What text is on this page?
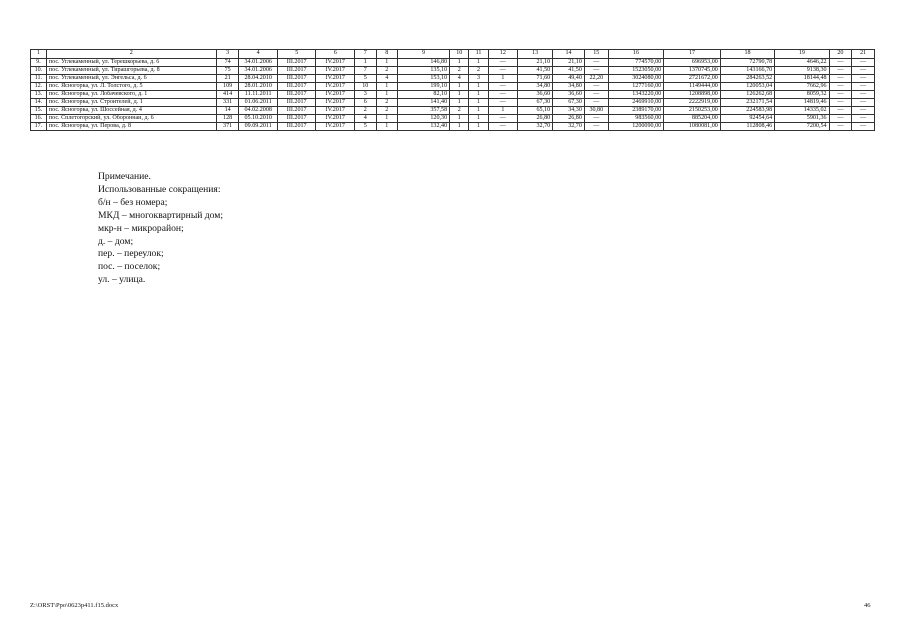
1	2	3	4	5	6	7	8	9	10	11	12	13	14	15	16	17	18	19	20	21
9.	пос. Углекаменный, ул. Терешкорьева, д. 6	74	34.01.2006	III.2017	IV.2017	1	1	146,80	1	1	—	21,10	21,10	—	774570,00	696953,00	72790,78	4646,22	—	—
10.	пос. Углекаменный, ул. Тирашгорьева, д. 8	75	34.01.2006	III.2017	IV.2017	7	2	135,10	2	2	—	41,50	41,50	—	1523050,00	1370745,00	143166,70	9138,30	—	—
11.	пос. Углекаменный, ул. Энгельса, д. 6	21	28.04.2010	III.2017	IV.2017	5	4	153,10	4	3	1	71,60	49,40	22,20	3024080,00	2721672,00	284263,52	18144,48	—	—
12.	пос. Ясногорка, ул. Л. Толстого, д. 5	109	28.01.2010	III.2017	IV.2017	10	1	199,10	1	1	—	34,80	34,80	—	1277160,00	1149444,00	120053,04	7662,96	—	—
13.	пос. Ясногорка, ул. Лобачевского, д. 1	414	11.11.2011	III.2017	IV.2017	3	1	82,10	1	1	—	36,60	36,60	—	1343220,00	1208898,00	126262,68	8059,32	—	—
14.	пос. Ясногорка, ул. Строителей, д. 1	331	01.06.2011	III.2017	IV.2017	6	2	141,40	1	1	—	67,30	67,30	—	2469910,00	2222919,00	232171,54	14819,46	—	—
15.	пос. Ясногорка, ул. Шоссейная, д. 4	14	04.02.2008	III.2017	IV.2017	2	2	357,58	2	1	1	65,10	34,30	30,80	2389170,00	2150253,00	224583,98	14335,02	—	—
16.	пос. Сплетогорский, ул. Обороннаи, д. 6	128	05.10.2010	III.2017	IV.2017	4	1	120,30	1	1	—	26,80	26,80	—	983560,00	885204,00	92454,64	5901,36	—	—
17.	пос. Ясногорка, ул. Перова, д. 8	371	09.09.2011	III.2017	IV.2017	5	1	132,40	1	1	—	32,70	32,70	—	1200090,00	1080081,00	112808,46	7200,54	—	—
Примечание.
Использованные сокращения:
б/н – без номера;
МКД – многоквартирный дом;
мкр-н – микрорайон;
д. – дом;
пер. – переулок;
пос. – поселок;
ул. – улица.
Z:\ORST\Ppo\0623p411.f15.docx	46
